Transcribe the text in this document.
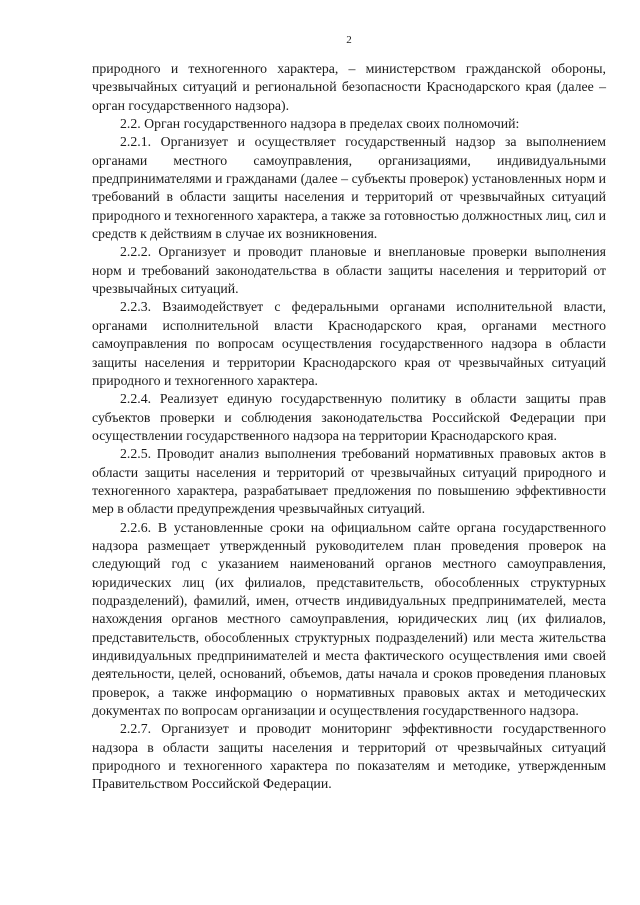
2

природного и техногенного характера, – министерством гражданской обороны, чрезвычайных ситуаций и региональной безопасности Краснодарского края (далее – орган государственного надзора).

2.2. Орган государственного надзора в пределах своих полномочий:

2.2.1. Организует и осуществляет государственный надзор за выполнением органами местного самоуправления, организациями, индивидуальными предпринимателями и гражданами (далее – субъекты проверок) установленных норм и требований в области защиты населения и территорий от чрезвычайных ситуаций природного и техногенного характера, а также за готовностью должностных лиц, сил и средств к действиям в случае их возникновения.

2.2.2. Организует и проводит плановые и внеплановые проверки выполнения норм и требований законодательства в области защиты населения и территорий от чрезвычайных ситуаций.

2.2.3. Взаимодействует с федеральными органами исполнительной власти, органами исполнительной власти Краснодарского края, органами местного самоуправления по вопросам осуществления государственного надзора в области защиты населения и территории Краснодарского края от чрезвычайных ситуаций природного и техногенного характера.

2.2.4. Реализует единую государственную политику в области защиты прав субъектов проверки и соблюдения законодательства Российской Федерации при осуществлении государственного надзора на территории Краснодарского края.

2.2.5. Проводит анализ выполнения требований нормативных правовых актов в области защиты населения и территорий от чрезвычайных ситуаций природного и техногенного характера, разрабатывает предложения по повышению эффективности мер в области предупреждения чрезвычайных ситуаций.

2.2.6. В установленные сроки на официальном сайте органа государственного надзора размещает утвержденный руководителем план проведения проверок на следующий год с указанием наименований органов местного самоуправления, юридических лиц (их филиалов, представительств, обособленных структурных подразделений), фамилий, имен, отчеств индивидуальных предпринимателей, места нахождения органов местного самоуправления, юридических лиц (их филиалов, представительств, обособленных структурных подразделений) или места жительства индивидуальных предпринимателей и места фактического осуществления ими своей деятельности, целей, оснований, объемов, даты начала и сроков проведения плановых проверок, а также информацию о нормативных правовых актах и методических документах по вопросам организации и осуществления государственного надзора.

2.2.7. Организует и проводит мониторинг эффективности государственного надзора в области защиты населения и территорий от чрезвычайных ситуаций природного и техногенного характера по показателям и методике, утвержденным Правительством Российской Федерации.
